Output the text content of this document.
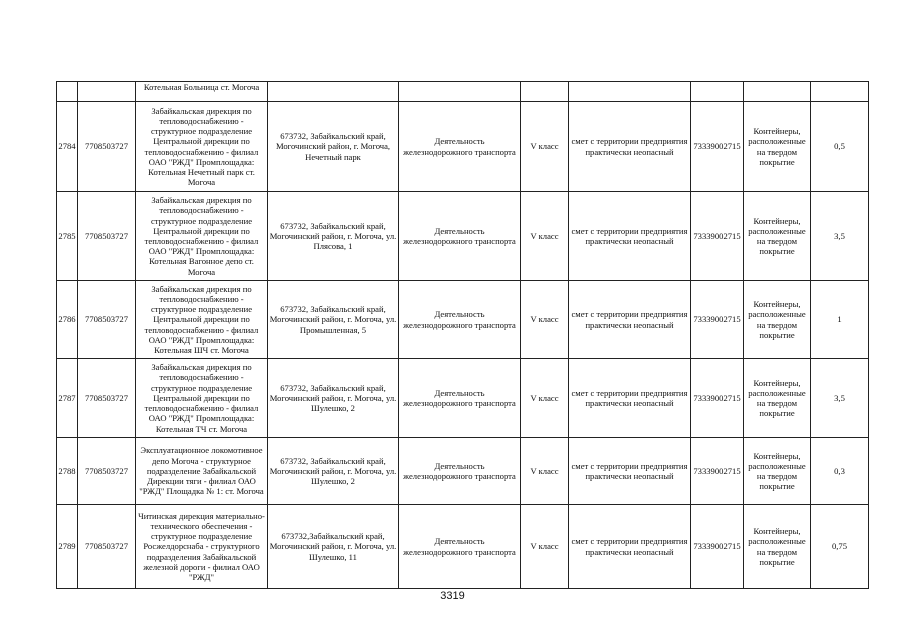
		Котельная Больница ст. Могоча							
2784	7708503727	Забайкальская дирекция по тепловодоснабжению - структурное подразделение Центральной дирекции по тепловодоснабжению - филиал ОАО "РЖД" Промплощадка: Котельная Нечетный парк ст. Могоча	673732, Забайкальский край, Могочинский район, г. Могоча, Нечетный парк	Деятельность железнодорожного транспорта	V класс	смет с территории предприятия практически неопасный	73339002715	Контейнеры, расположенные на твердом покрытие	0,5
2785	7708503727	Забайкальская дирекция по тепловодоснабжению - структурное подразделение Центральной дирекции по тепловодоснабжению - филиал ОАО "РЖД" Промплощадка: Котельная Вагонное депо ст. Могоча	673732, Забайкальский край, Могочинский район, г. Могоча, ул. Плясова, 1	Деятельность железнодорожного транспорта	V класс	смет с территории предприятия практически неопасный	73339002715	Контейнеры, расположенные на твердом покрытие	3,5
2786	7708503727	Забайкальская дирекция по тепловодоснабжению - структурное подразделение Центральной дирекции по тепловодоснабжению - филиал ОАО "РЖД" Промплощадка: Котельная ШЧ ст. Могоча	673732, Забайкальский край, Могочинский район, г. Могоча, ул. Промышленная, 5	Деятельность железнодорожного транспорта	V класс	смет с территории предприятия практически неопасный	73339002715	Контейнеры, расположенные на твердом покрытие	1
2787	7708503727	Забайкальская дирекция по тепловодоснабжению - структурное подразделение Центральной дирекции по тепловодоснабжению - филиал ОАО "РЖД" Промплощадка: Котельная ТЧ ст. Могоча	673732, Забайкальский край, Могочинский район, г. Могоча, ул. Шулешко, 2	Деятельность железнодорожного транспорта	V класс	смет с территории предприятия практически неопасный	73339002715	Контейнеры, расположенные на твердом покрытие	3,5
2788	7708503727	Эксплуатационное локомотивное депо Могоча - структурное подразделение Забайкальской Дирекции тяги - филиал ОАО "РЖД" Площадка № 1: ст. Могоча	673732, Забайкальский край, Могочинский район, г. Могоча, ул. Шулешко, 2	Деятельность железнодорожного транспорта	V класс	смет с территории предприятия практически неопасный	73339002715	Контейнеры, расположенные на твердом покрытие	0,3
2789	7708503727	Читинская дирекция материально-технического обеспечения - структурное подразделение Росжелдорснаба - структурного подразделения Забайкальской железной дороги - филиал ОАО "РЖД"	673732,Забайкальский край, Могочинский район, г. Могоча, ул. Шулешко, 11	Деятельность железнодорожного транспорта	V класс	смет с территории предприятия практически неопасный	73339002715	Контейнеры, расположенные на твердом покрытие	0,75
3319
